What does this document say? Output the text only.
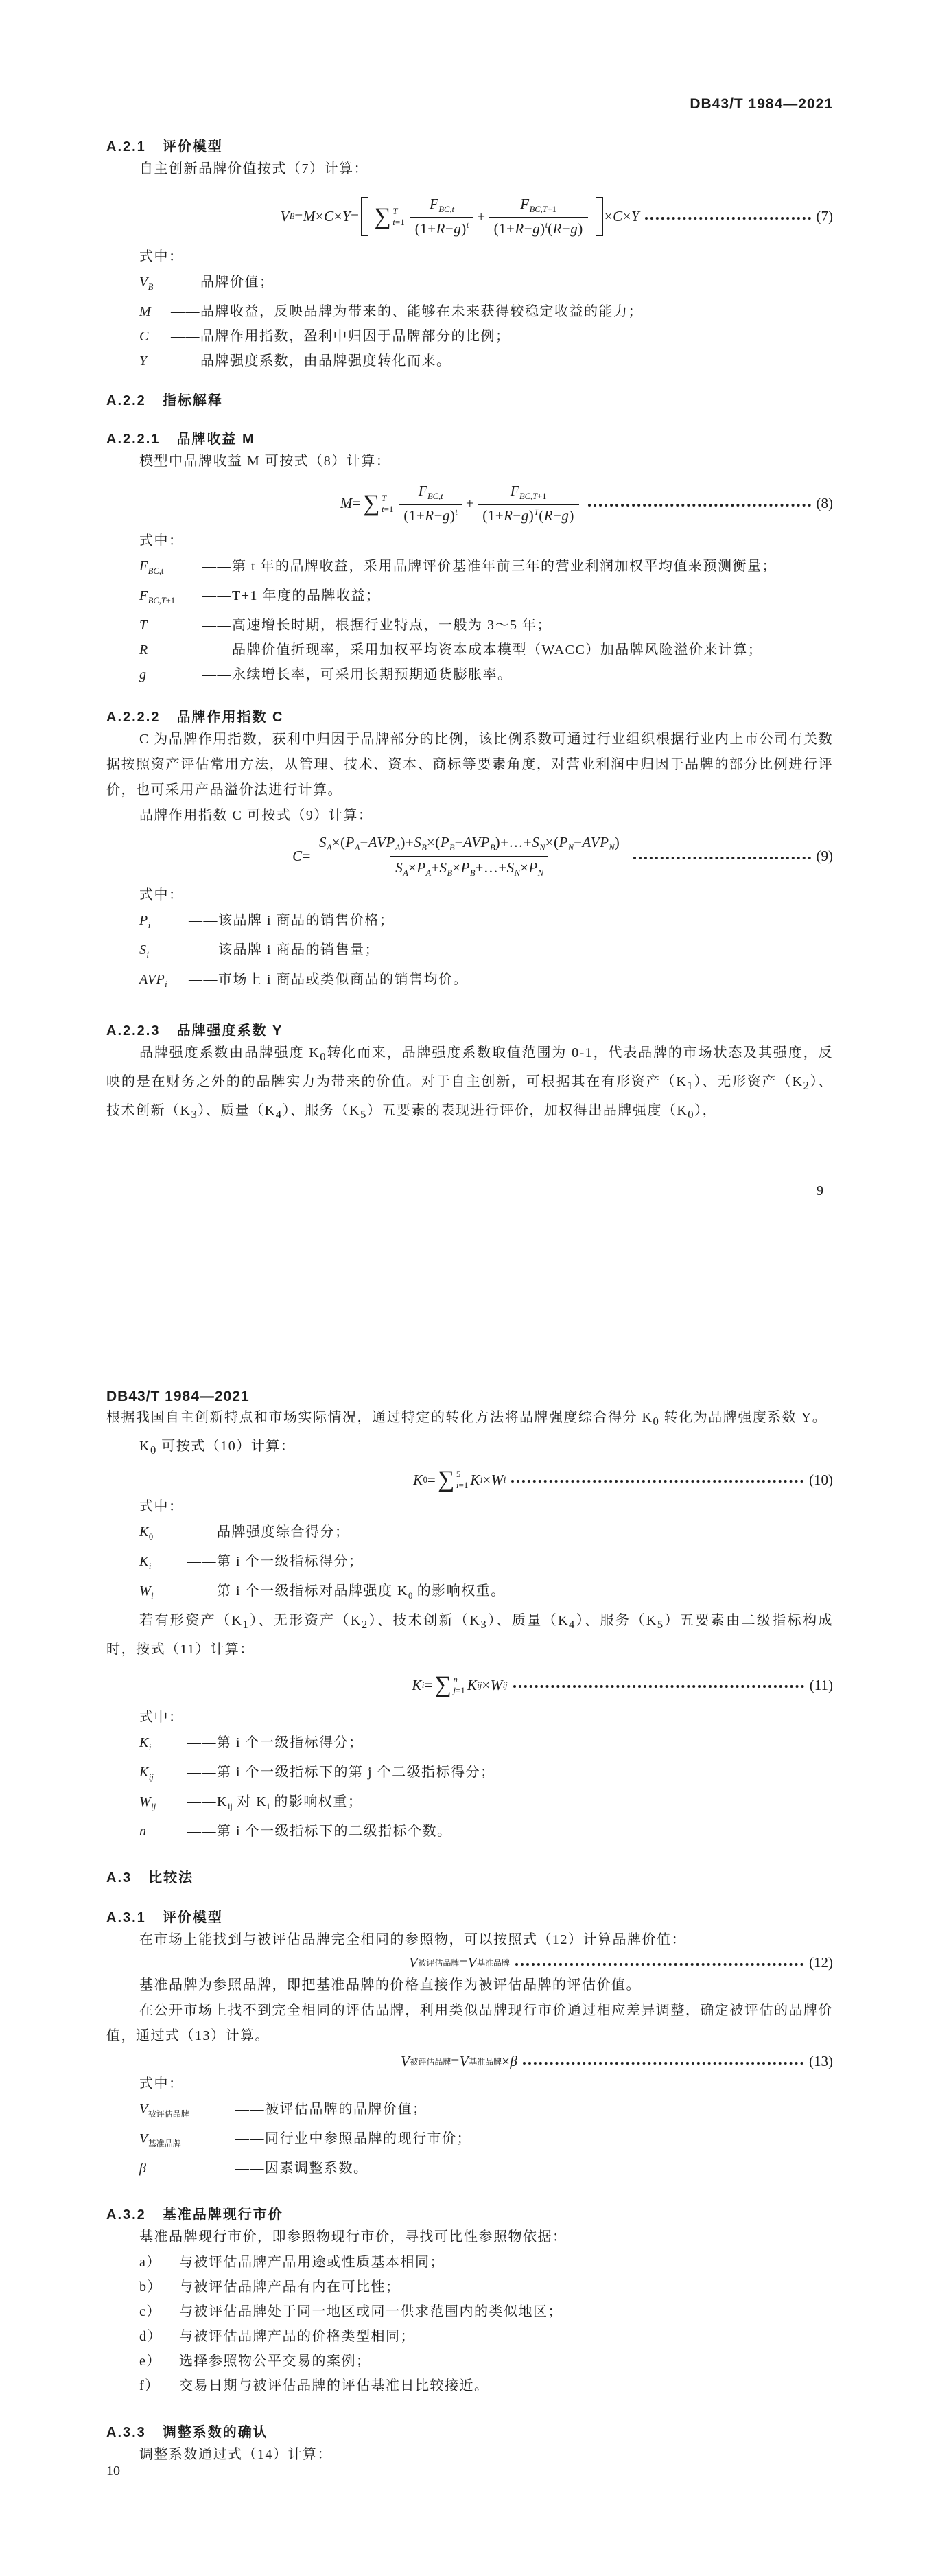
DB43/T 1984—2021
A.2.1 评价模型

自主创新品牌价值按式（7）计算：

V B = M × C × Y = ∑ T
t=1
$F_{BC,t}$
$(1+R-g)^t$
+
$F_{BC,T+1}$
$(1+R-g)^t(R-g)$
× C × Y	(7)

式中：

$V_B$	——品牌价值；
M	——品牌收益，反映品牌为带来的、能够在未来获得较稳定收益的能力；
C	——品牌作用指数，盈利中归因于品牌部分的比例；
Y	——品牌强度系数，由品牌强度转化而来。
A.2.2 指标解释
A.2.2.1 品牌收益 M

模型中品牌收益 M 可按式（8）计算：

M = ∑ T
t=1
$F_{BC,t}$
$(1+R-g)^t$
+
$F_{BC,T+1}$
$(1+R-g)^T(R-g)$
(8)

式中：

$F_{BC,t}$	——第 t 年的品牌收益，采用品牌评价基准年前三年的营业利润加权平均值来预测衡量；
$F_{BC,T+1}$	——T+1 年度的品牌收益；
T	——高速增长时期，根据行业特点，一般为 3～5 年；
R	——品牌价值折现率，采用加权平均资本成本模型（WACC）加品牌风险溢价来计算；
g	——永续增长率，可采用长期预期通货膨胀率。
A.2.2.2 品牌作用指数 C

C 为品牌作用指数，获利中归因于品牌部分的比例，该比例系数可通过行业组织根据行业内上市公司有关数据按照资产评估常用方法，从管理、技术、资本、商标等要素角度，对营业利润中归因于品牌的部分比例进行评价，也可采用产品溢价法进行计算。

品牌作用指数 C 可按式（9）计算：

C =
$S_A\times(P_A-AVP_A)+S_B\times(P_B-AVP_B)+\dots+S_N\times(P_N-AVP_N)$
$S_A\times P_A+S_B\times P_B+\dots+S_N\times P_N$
(9)

式中：

$P_i$	——该品牌 i 商品的销售价格；
$S_i$	——该品牌 i 商品的销售量；
$AVP_i$	——市场上 i 商品或类似商品的销售均价。
A.2.2.3 品牌强度系数 Y

品牌强度系数由品牌强度 $K_0$转化而来，品牌强度系数取值范围为 0-1，代表品牌的市场状态及其强度，反映的是在财务之外的的品牌实力为带来的价值。对于自主创新，可根据其在有形资产$(K_1)$、无形资产$(K_2)$、技术创新$(K_3)$、质量$(K_4)$、服务$(K_5)$五要素的表现进行评价，加权得出品牌强度$(K_0)$，

9
DB43/T 1984—2021

根据我国自主创新特点和市场实际情况，通过特定的转化方法将品牌强度综合得分 $K_0$ 转化为品牌强度系数 Y。

$K_0$ 可按式（10）计算：

K 0 = ∑ 5
i=1 K i × W i	(10)

式中：

$K_0$	——品牌强度综合得分；
$K_i$	——第 i 个一级指标得分；
$W_i$	——第 i 个一级指标对品牌强度 $K_0$ 的影响权重。

若有形资产$(K_1)$、无形资产$(K_2)$、技术创新$(K_3)$、质量$(K_4)$、服务$(K_5)$五要素由二级指标构成时，按式（11）计算：

K i = ∑ n
j=1 K ij × W ij	(11)

式中：

$K_i$	——第 i 个一级指标得分；
$K_{ij}$	——第 i 个一级指标下的第 j 个二级指标得分；
$W_{ij}$	$——K_{ij}$ 对 $K_i$ 的影响权重；
n	——第 i 个一级指标下的二级指标个数。
A.3 比较法
A.3.1 评价模型

在市场上能找到与被评估品牌完全相同的参照物，可以按照式（12）计算品牌价值：

V 被评估品牌 = V 基准品牌	(12)

基准品牌为参照品牌，即把基准品牌的价格直接作为被评估品牌的评估价值。

在公开市场上找不到完全相同的评估品牌，利用类似品牌现行市价通过相应差异调整，确定被评估的品牌价值，通过式（13）计算。

V 被评估品牌 = V 基准品牌 × β	(13)

式中：

$V_{被评估品牌}$	——被评估品牌的品牌价值；
$V_{基准品牌}$	——同行业中参照品牌的现行市价；
β	——因素调整系数。
A.3.2 基准品牌现行市价

基准品牌现行市价，即参照物现行市价，寻找可比性参照物依据：

a）	与被评估品牌产品用途或性质基本相同；
b）	与被评估品牌产品有内在可比性；
c）	与被评估品牌处于同一地区或同一供求范围内的类似地区；
d）	与被评估品牌产品的价格类型相同；
e）	选择参照物公平交易的案例；
f）	交易日期与被评估品牌的评估基准日比较接近。
A.3.3 调整系数的确认

调整系数通过式（14）计算：

10
